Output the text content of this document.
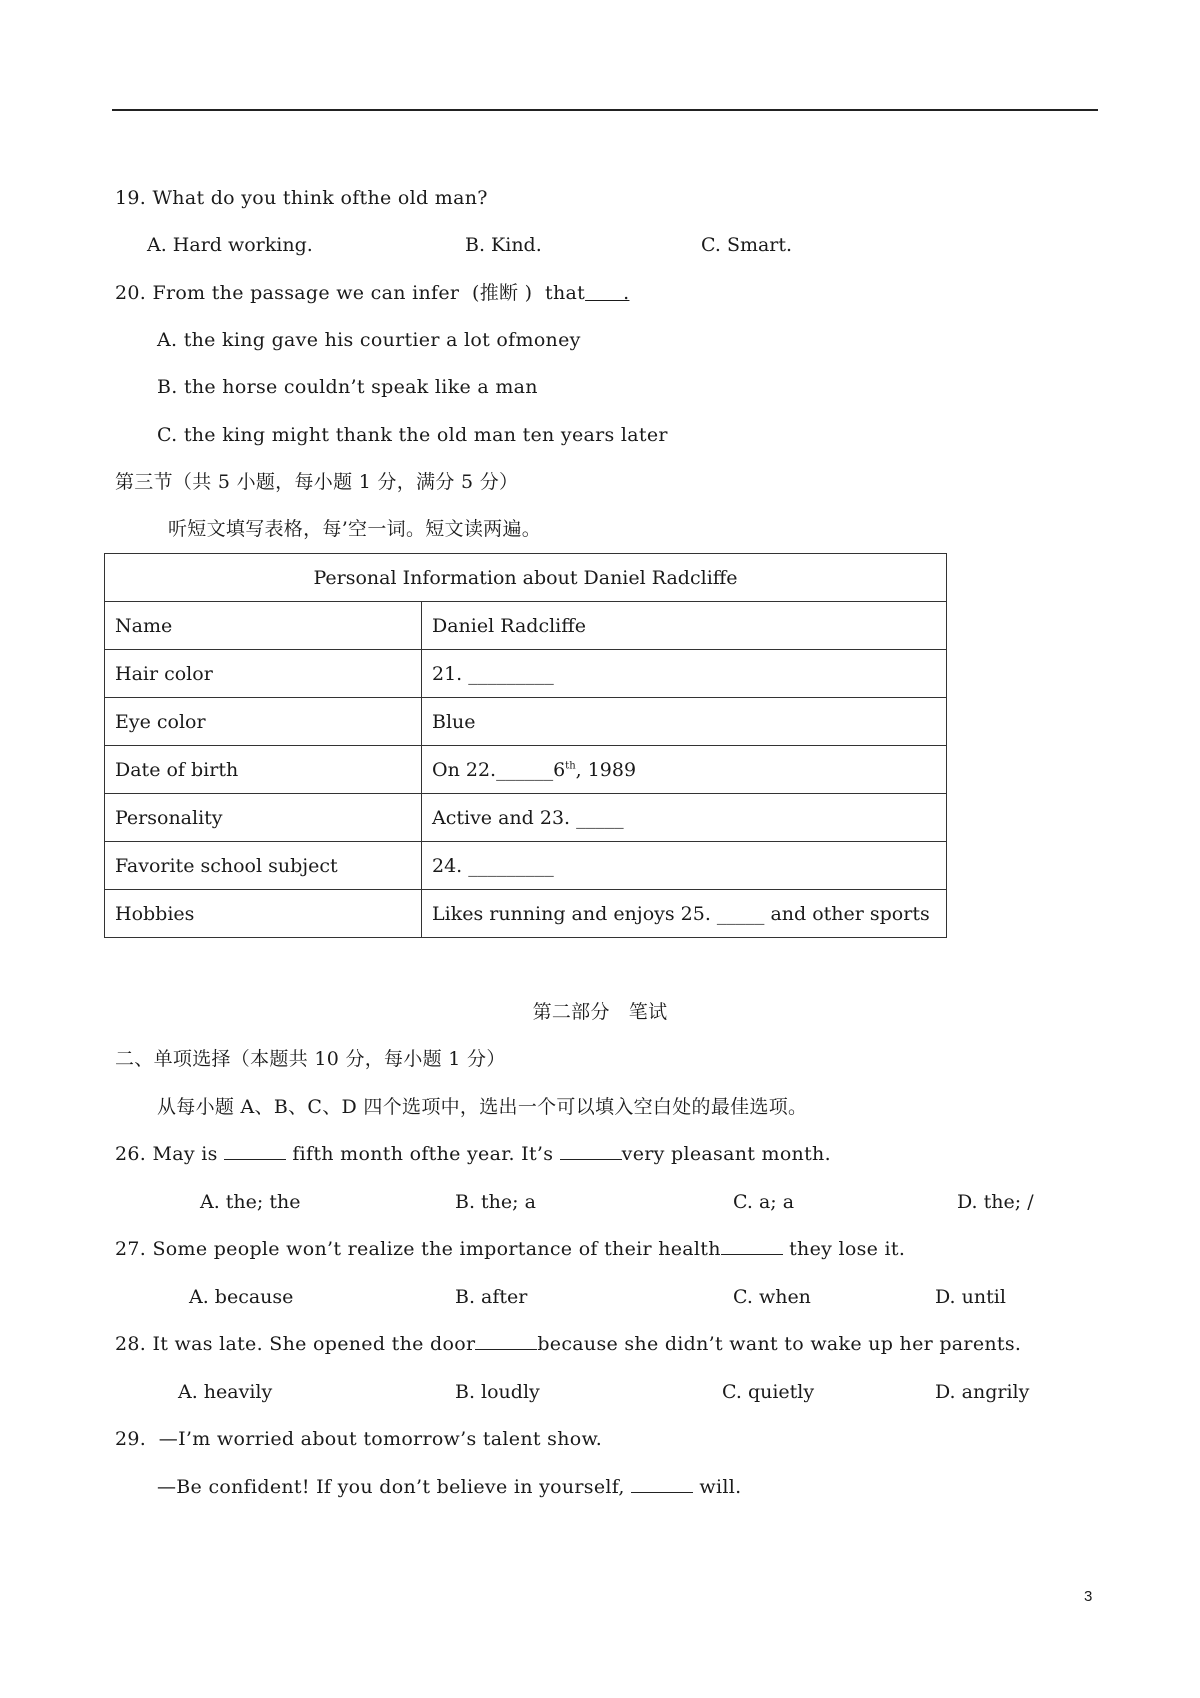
19. What do you think ofthe old man?

A. Hard working.

	B. Kind.

	C. Smart.

20. From the passage we can infer  (推断 )  that      .
A. the king gave his courtier a lot ofmoney
B. the horse couldn’t speak like a man
C. the king might thank the old man ten years later
第三节（共 5 小题，每小题 1 分，满分 5 分）
听短文填写表格，每’空一词。短文读两遍。
Personal Information about Daniel Radcliffe	
Name	Daniel Radcliffe
Hair color	21. _________
Eye color	Blue
Date of birth	On 22.______6th, 1989
Personality	Active and 23. _____
Favorite school subject	24. _________
Hobbies	Likes running and enjoys 25. _____ and other sports
第二部分   笔试
二、单项选择（本题共 10 分，每小题 1 分）
从每小题 A、B、C、D 四个选项中，选出一个可以填入空白处的最佳选项。
26. May is	fifth month ofthe year. It’s	very pleasant month.

A. the; the

	B. the; a

	C. a; a

	D. the; /

27. Some people won’t realize the importance of their health	they lose it.

A. because

	B. after

	C. when

	D. until

28. It was late. She opened the door	because she didn’t want to wake up her parents.

A. heavily

	B. loudly

	C. quietly

	D. angrily

29.  —I’m worried about tomorrow’s talent show.
—Be confident! If you don’t believe in yourself,	will.
3
